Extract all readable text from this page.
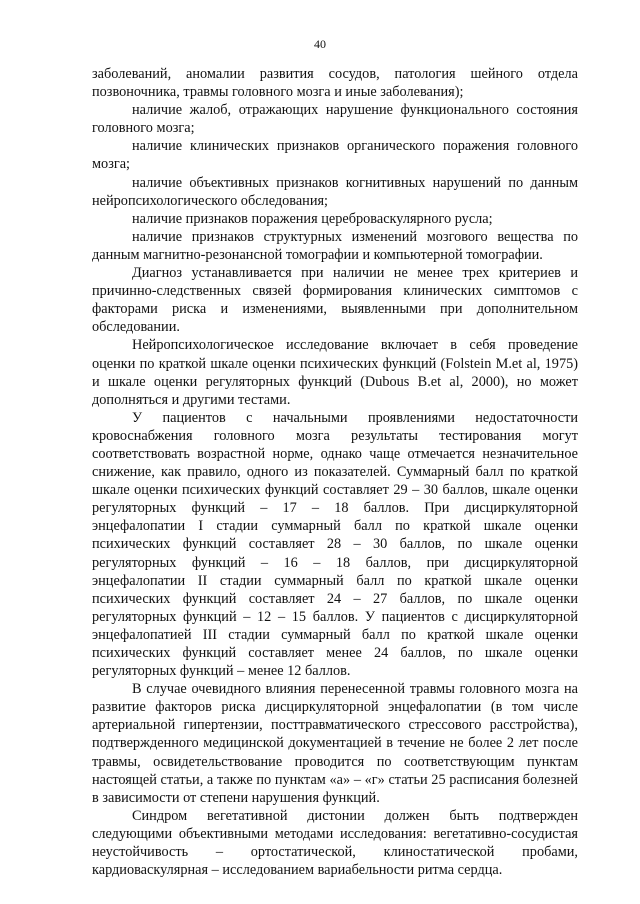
40

заболеваний, аномалии развития сосудов, патология шейного отдела позвоночника, травмы головного мозга и иные заболевания);

наличие жалоб, отражающих нарушение функционального состояния головного мозга;

наличие клинических признаков органического поражения головного мозга;

наличие объективных признаков когнитивных нарушений по данным нейропсихологического обследования;

наличие признаков поражения цереброваскулярного русла;

наличие признаков структурных изменений мозгового вещества по данным магнитно-резонансной томографии и компьютерной томографии.

Диагноз устанавливается при наличии не менее трех критериев и причинно-следственных связей формирования клинических симптомов с факторами риска и изменениями, выявленными при дополнительном обследовании.

Нейропсихологическое исследование включает в себя проведение оценки по краткой шкале оценки психических функций (Folstein M.et al, 1975) и шкале оценки регуляторных функций (Dubous B.et al, 2000), но может дополняться и другими тестами.

У пациентов с начальными проявлениями недостаточности кровоснабжения головного мозга результаты тестирования могут соответствовать возрастной норме, однако чаще отмечается незначительное снижение, как правило, одного из показателей. Суммарный балл по краткой шкале оценки психических функций составляет 29 – 30 баллов, шкале оценки регуляторных функций – 17 – 18 баллов. При дисциркуляторной энцефалопатии I стадии суммарный балл по краткой шкале оценки психических функций составляет 28 – 30 баллов, по шкале оценки регуляторных функций – 16 – 18 баллов, при дисциркуляторной энцефалопатии II стадии суммарный балл по краткой шкале оценки психических функций составляет 24 – 27 баллов, по шкале оценки регуляторных функций – 12 – 15 баллов. У пациентов с дисциркуляторной энцефалопатией III стадии суммарный балл по краткой шкале оценки психических функций составляет менее 24 баллов, по шкале оценки регуляторных функций – менее 12 баллов.

В случае очевидного влияния перенесенной травмы головного мозга на развитие факторов риска дисциркуляторной энцефалопатии (в том числе артериальной гипертензии, посттравматического стрессового расстройства), подтвержденного медицинской документацией в течение не более 2 лет после травмы, освидетельствование проводится по соответствующим пунктам настоящей статьи, а также по пунктам «а» – «г» статьи 25 расписания болезней в зависимости от степени нарушения функций.

Синдром вегетативной дистонии должен быть подтвержден следующими объективными методами исследования: вегетативно-сосудистая неустойчивость – ортостатической, клиностатической пробами, кардиоваскулярная – исследованием вариабельности ритма сердца.
